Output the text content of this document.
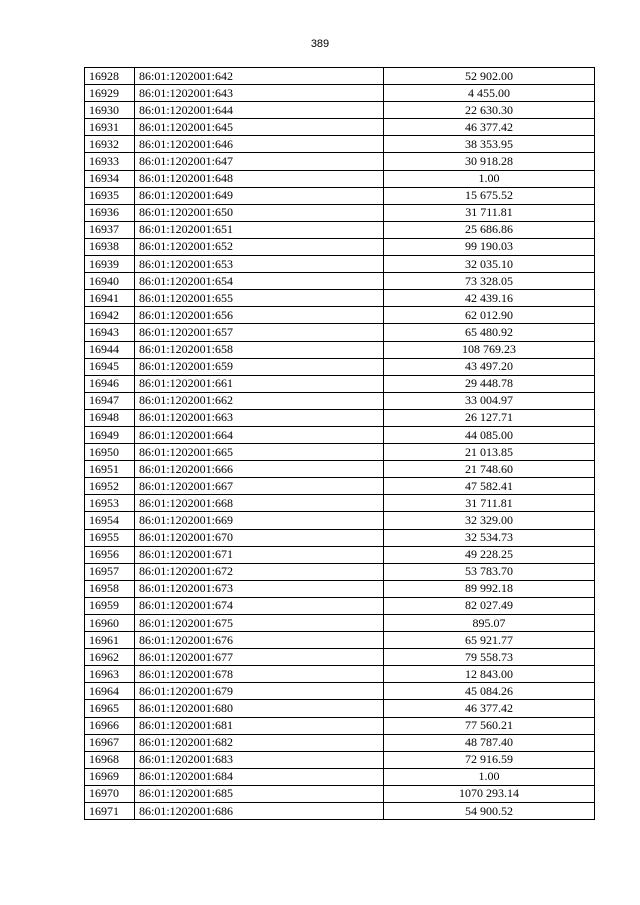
389
16928	86:01:1202001:642	52 902.00
16929	86:01:1202001:643	4 455.00
16930	86:01:1202001:644	22 630.30
16931	86:01:1202001:645	46 377.42
16932	86:01:1202001:646	38 353.95
16933	86:01:1202001:647	30 918.28
16934	86:01:1202001:648	1.00
16935	86:01:1202001:649	15 675.52
16936	86:01:1202001:650	31 711.81
16937	86:01:1202001:651	25 686.86
16938	86:01:1202001:652	99 190.03
16939	86:01:1202001:653	32 035.10
16940	86:01:1202001:654	73 328.05
16941	86:01:1202001:655	42 439.16
16942	86:01:1202001:656	62 012.90
16943	86:01:1202001:657	65 480.92
16944	86:01:1202001:658	108 769.23
16945	86:01:1202001:659	43 497.20
16946	86:01:1202001:661	29 448.78
16947	86:01:1202001:662	33 004.97
16948	86:01:1202001:663	26 127.71
16949	86:01:1202001:664	44 085.00
16950	86:01:1202001:665	21 013.85
16951	86:01:1202001:666	21 748.60
16952	86:01:1202001:667	47 582.41
16953	86:01:1202001:668	31 711.81
16954	86:01:1202001:669	32 329.00
16955	86:01:1202001:670	32 534.73
16956	86:01:1202001:671	49 228.25
16957	86:01:1202001:672	53 783.70
16958	86:01:1202001:673	89 992.18
16959	86:01:1202001:674	82 027.49
16960	86:01:1202001:675	895.07
16961	86:01:1202001:676	65 921.77
16962	86:01:1202001:677	79 558.73
16963	86:01:1202001:678	12 843.00
16964	86:01:1202001:679	45 084.26
16965	86:01:1202001:680	46 377.42
16966	86:01:1202001:681	77 560.21
16967	86:01:1202001:682	48 787.40
16968	86:01:1202001:683	72 916.59
16969	86:01:1202001:684	1.00
16970	86:01:1202001:685	1070 293.14
16971	86:01:1202001:686	54 900.52
